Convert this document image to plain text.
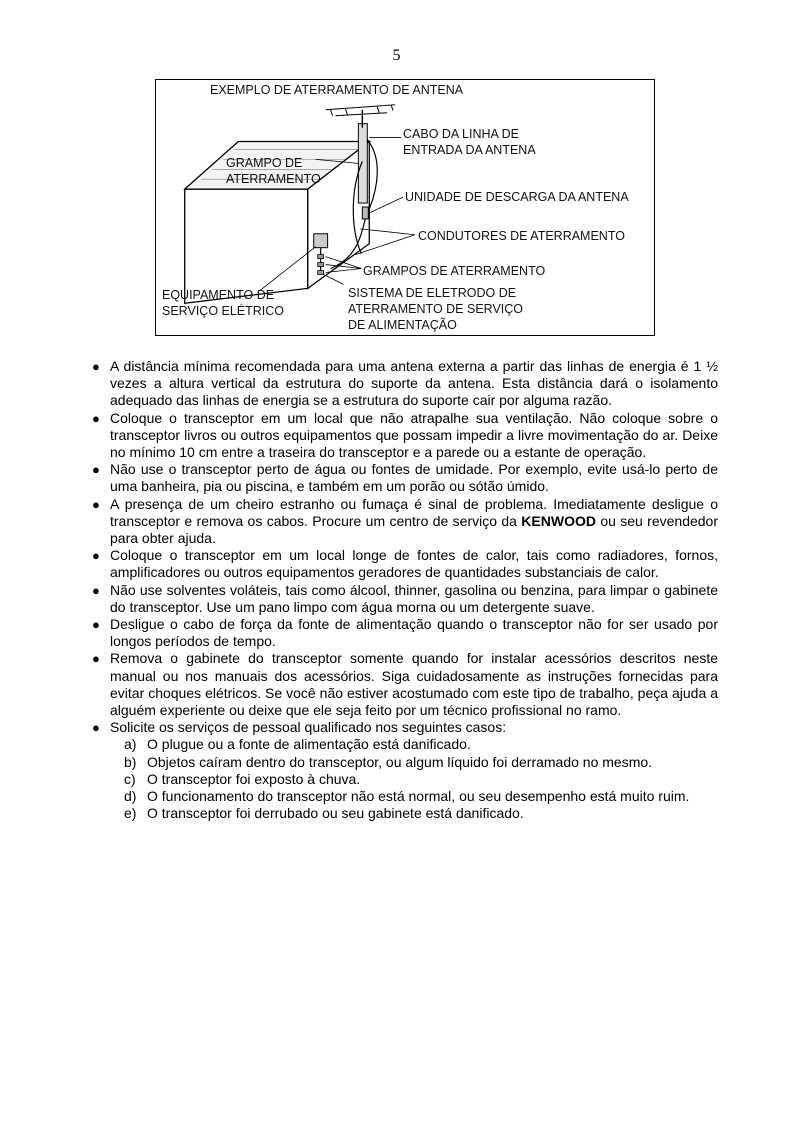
5
EXEMPLO DE ATERRAMENTO DE ANTENA
CABO DA LINHA DE
ENTRADA DA ANTENA
GRAMPO DE
ATERRAMENTO
UNIDADE DE DESCARGA DA ANTENA
CONDUTORES DE ATERRAMENTO
GRAMPOS DE ATERRAMENTO
EQUIPAMENTO DE
SERVIÇO ELÉTRICO
SISTEMA DE ELETRODO DE
ATERRAMENTO DE SERVIÇO
DE ALIMENTAÇÃO
● A distância mínima recomendada para uma antena externa a partir das linhas de energia é 1 ½ vezes a altura vertical da estrutura do suporte da antena. Esta distância dará o isolamento adequado das linhas de energia se a estrutura do suporte cair por alguma razão.
● Coloque o transceptor em um local que não atrapalhe sua ventilação. Não coloque sobre o transceptor livros ou outros equipamentos que possam impedir a livre movimentação do ar. Deixe no mínimo 10 cm entre a traseira do transceptor e a parede ou a estante de operação.
● Não use o transceptor perto de água ou fontes de umidade. Por exemplo, evite usá-lo perto de uma banheira, pia ou piscina, e também em um porão ou sótão úmido.
● A presença de um cheiro estranho ou fumaça é sinal de problema. Imediatamente desligue o transceptor e remova os cabos. Procure um centro de serviço da KENWOOD ou seu revendedor para obter ajuda.
● Coloque o transceptor em um local longe de fontes de calor, tais como radiadores, fornos, amplificadores ou outros equipamentos geradores de quantidades substanciais de calor.
● Não use solventes voláteis, tais como álcool, thinner, gasolina ou benzina, para limpar o gabinete do transceptor. Use um pano limpo com água morna ou um detergente suave.
● Desligue o cabo de força da fonte de alimentação quando o transceptor não for ser usado por longos períodos de tempo.
● Remova o gabinete do transceptor somente quando for instalar acessórios descritos neste manual ou nos manuais dos acessórios. Siga cuidadosamente as instruções fornecidas para evitar choques elétricos. Se você não estiver acostumado com este tipo de trabalho, peça ajuda a alguém experiente ou deixe que ele seja feito por um técnico profissional no ramo.
● Solicite os serviços de pessoal qualificado nos seguintes casos:
a) O plugue ou a fonte de alimentação está danificado.
b) Objetos caíram dentro do transceptor, ou algum líquido foi derramado no mesmo.
c) O transceptor foi exposto à chuva.
d) O funcionamento do transceptor não está normal, ou seu desempenho está muito ruim.
e) O transceptor foi derrubado ou seu gabinete está danificado.
